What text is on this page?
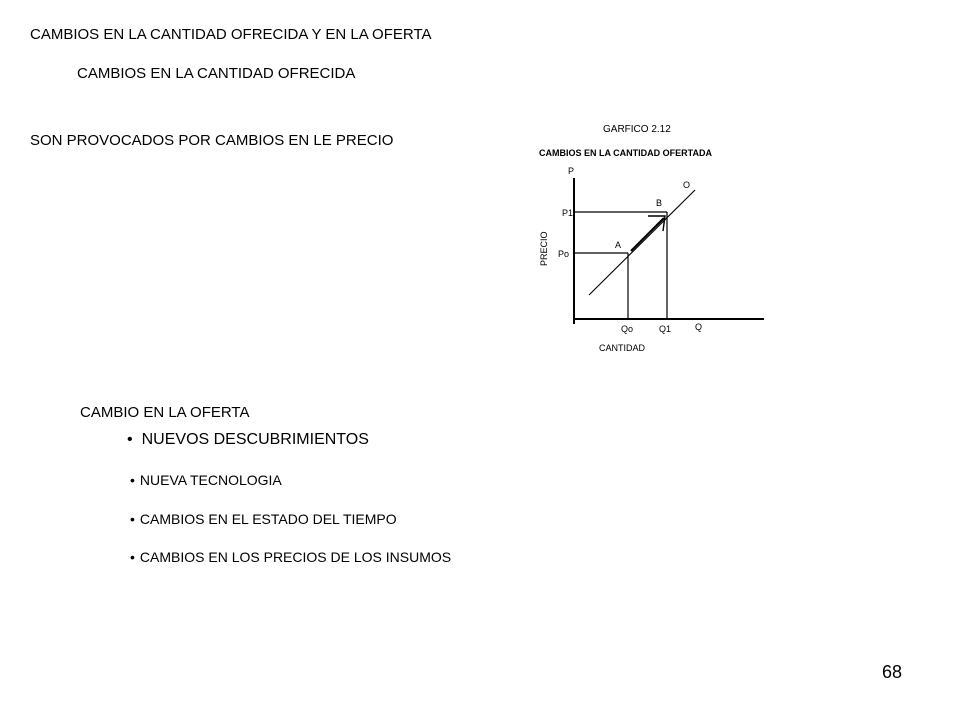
CAMBIOS EN LA CANTIDAD OFRECIDA Y EN LA OFERTA
CAMBIOS EN LA CANTIDAD OFRECIDA
SON PROVOCADOS POR CAMBIOS EN LE PRECIO
GARFICO 2.12
CAMBIOS EN LA CANTIDAD OFERTADA
P
Q
PRECIO
CANTIDAD
O
B
A
P1
Po
Qo	Q1
CAMBIO EN LA OFERTA
• NUEVOS DESCUBRIMIENTOS
• NUEVA TECNOLOGIA
• CAMBIOS EN EL ESTADO DEL TIEMPO
• CAMBIOS EN LOS PRECIOS DE LOS INSUMOS
68
